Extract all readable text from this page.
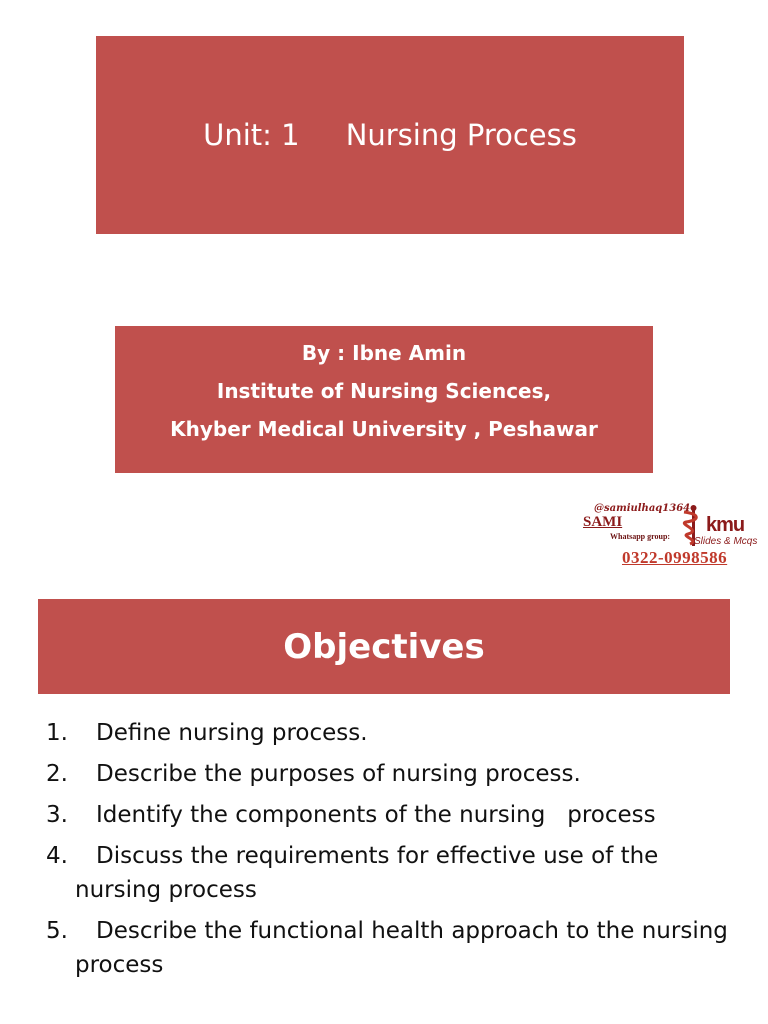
Unit: 1     Nursing Process
By : Ibne Amin
Institute of Nursing Sciences,
Khyber Medical University , Peshawar
@samiulhaq1364
SAMI
Whatsapp group:
kmu
Slides & Mcqs
0322-0998586
Objectives
1.	Define nursing process.
2.	Describe the purposes of nursing process.
3.	Identify the components of the nursing   process
4.	Discuss the requirements for effective use of the nursing process
5.	Describe the functional health approach to the nursing process
